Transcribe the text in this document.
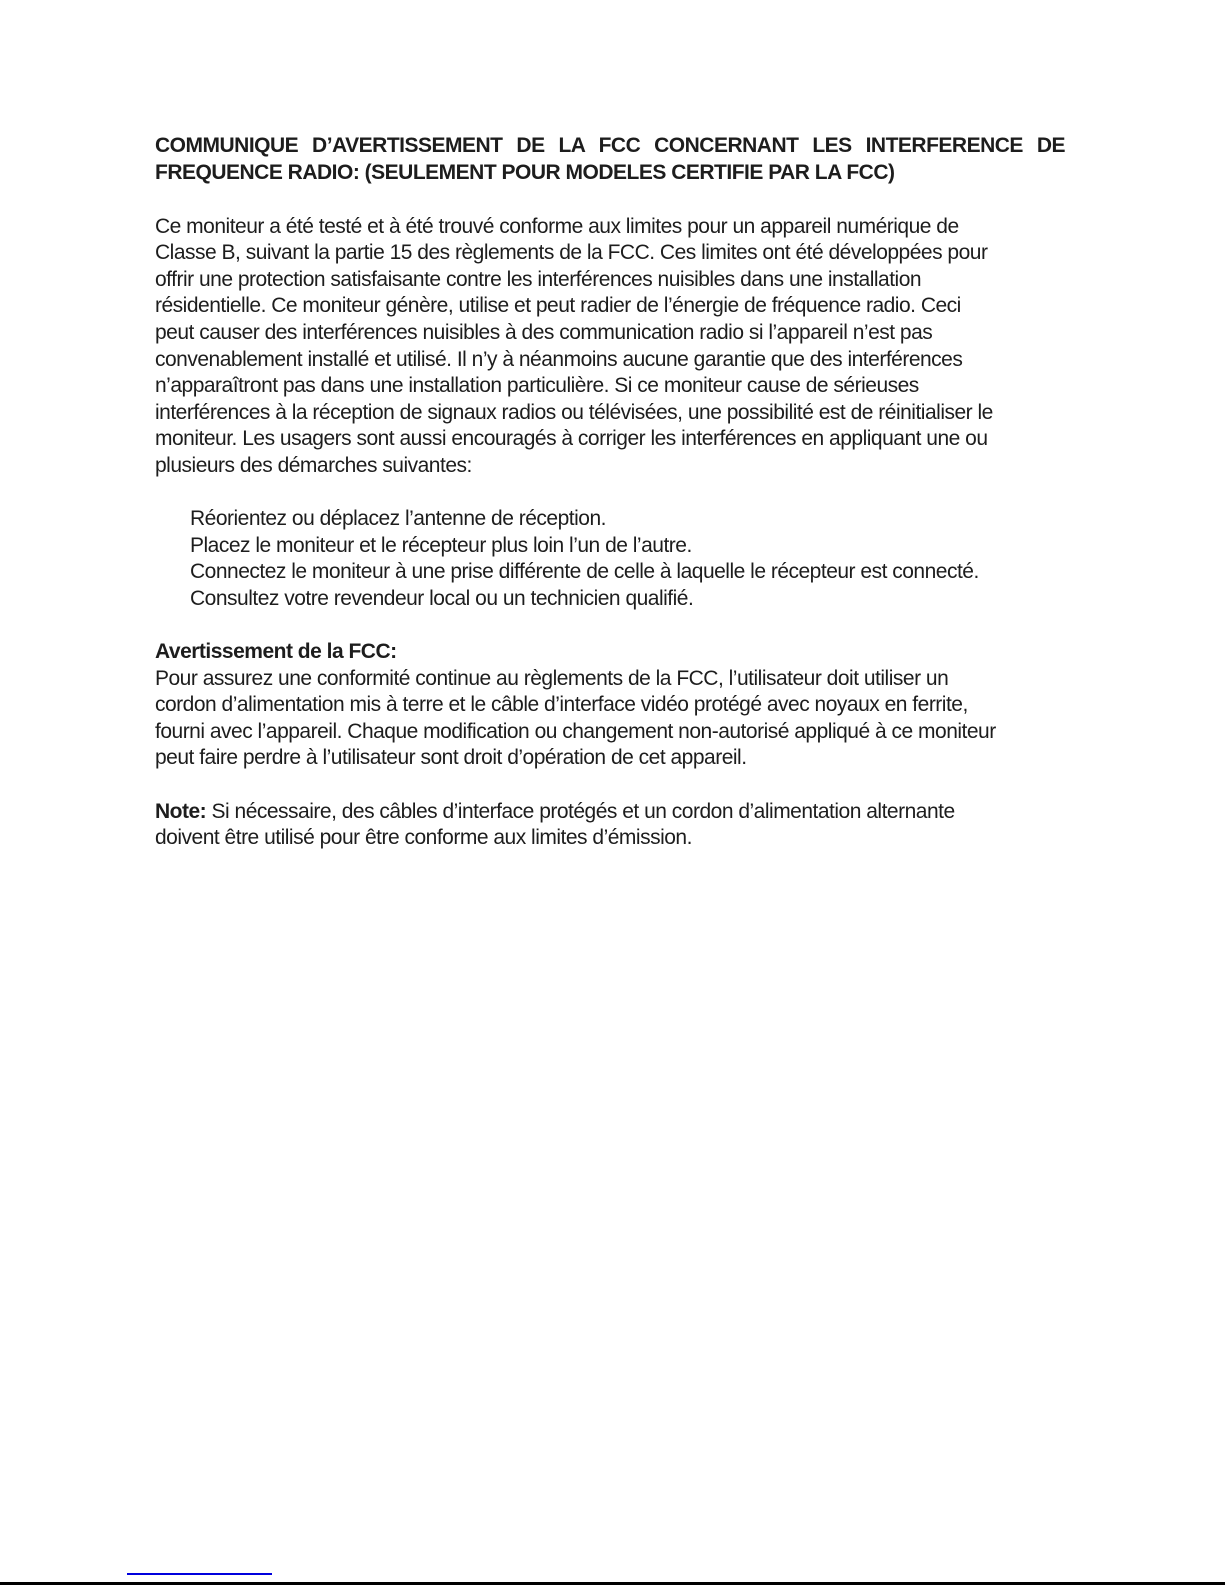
COMMUNIQUE D’AVERTISSEMENT DE LA FCC CONCERNANT LES INTERFERENCE DE
FREQUENCE RADIO: (SEULEMENT POUR MODELES CERTIFIE PAR LA FCC)
Ce moniteur a été testé et à été trouvé conforme aux limites pour un appareil numérique de
Classe B, suivant la partie 15 des règlements de la FCC. Ces limites ont été développées pour
offrir une protection satisfaisante contre les interférences nuisibles dans une installation
résidentielle. Ce moniteur génère, utilise et peut radier de l’énergie de fréquence radio. Ceci
peut causer des interférences nuisibles à des communication radio si l’appareil n’est pas
convenablement installé et utilisé. Il n’y à néanmoins aucune garantie que des interférences
n’apparaîtront pas dans une installation particulière. Si ce moniteur cause de sérieuses
interférences à la réception de signaux radios ou télévisées, une possibilité est de réinitialiser le
moniteur. Les usagers sont aussi encouragés à corriger les interférences en appliquant une ou
plusieurs des démarches suivantes:
Réorientez ou déplacez l’antenne de réception.
Placez le moniteur et le récepteur plus loin l’un de l’autre.
Connectez le moniteur à une prise différente de celle à laquelle le récepteur est connecté.
Consultez votre revendeur local ou un technicien qualifié.
Avertissement de la FCC:
Pour assurez une conformité continue au règlements de la FCC, l’utilisateur doit utiliser un
cordon d’alimentation mis à terre et le câble d’interface vidéo protégé avec noyaux en ferrite,
fourni avec l’appareil. Chaque modification ou changement non-autorisé appliqué à ce moniteur
peut faire perdre à l’utilisateur sont droit d’opération de cet appareil.
Note: Si nécessaire, des câbles d’interface protégés et un cordon d’alimentation alternante
doivent être utilisé pour être conforme aux limites d’émission.
